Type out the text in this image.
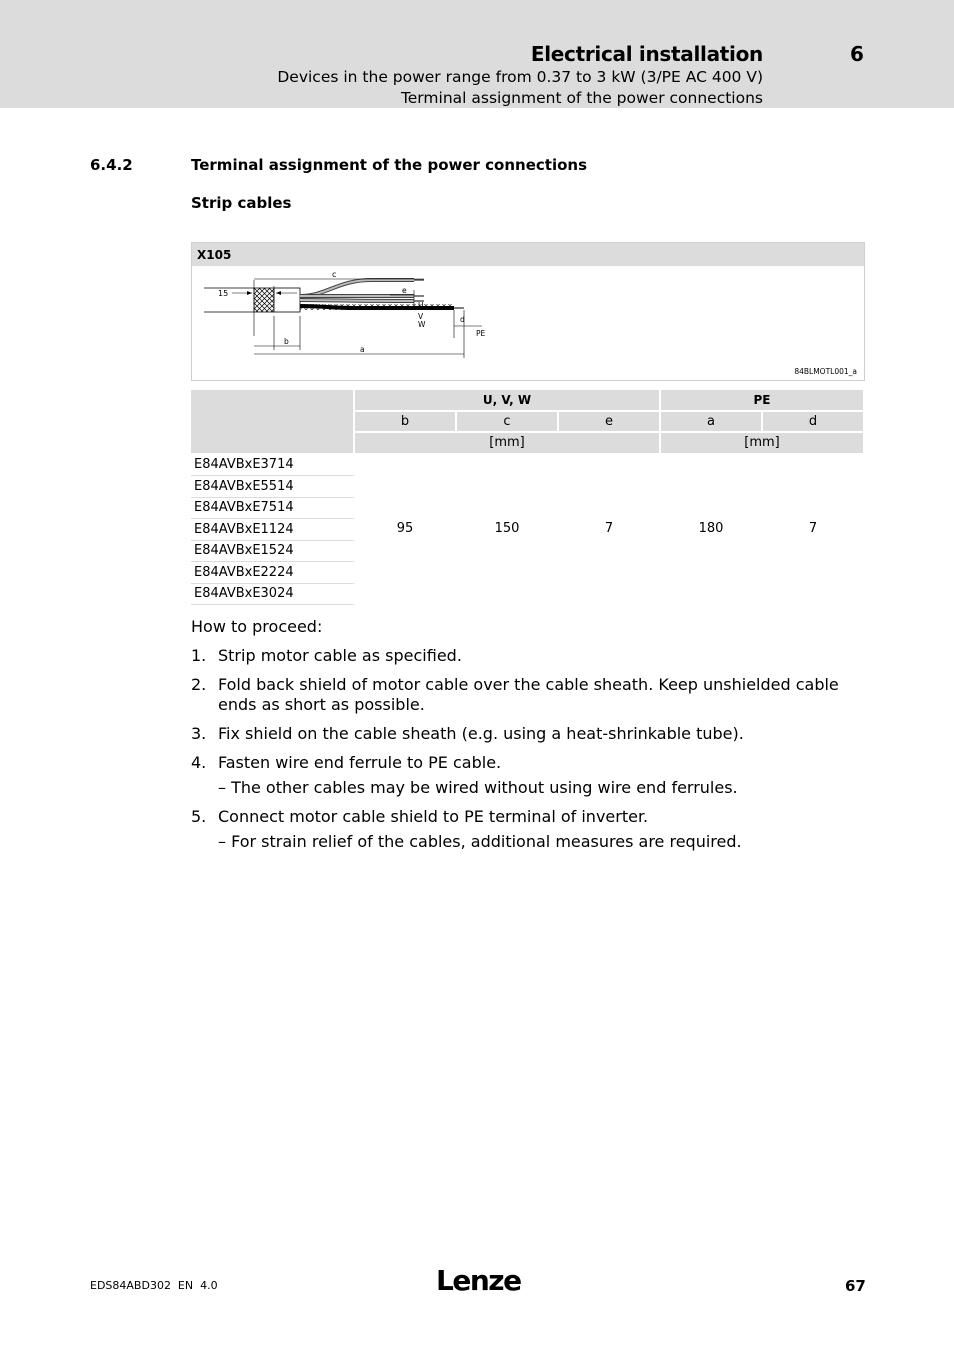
Electrical installation	6
Devices in the power range from 0.37 to 3 kW (3/PE AC 400 V)
Terminal assignment of the power connections
6.4.2	Terminal assignment of the power connections
Strip cables
X105
c
15	e
U
V
W
d
PE
b
a
84BLMOTL001_a
	U, V, W			PE	
	b	c	e	a	d
	[mm]			[mm]	
E84AVBxE3714	95	150	7	180	7
E84AVBxE5514					
E84AVBxE7514					
E84AVBxE1124					
E84AVBxE1524					
E84AVBxE2224					
E84AVBxE3024					
How to proceed:
1. Strip motor cable as specified.
2. Fold back shield of motor cable over the cable sheath. Keep unshielded cable ends as short as possible.
3. Fix shield on the cable sheath (e.g. using a heat-shrinkable tube).
4. Fasten wire end ferrule to PE cable.
– The other cables may be wired without using wire end ferrules.
5. Connect motor cable shield to PE terminal of inverter.
– For strain relief of the cables, additional measures are required.
EDS84ABD302  EN  4.0	Lenze	67
